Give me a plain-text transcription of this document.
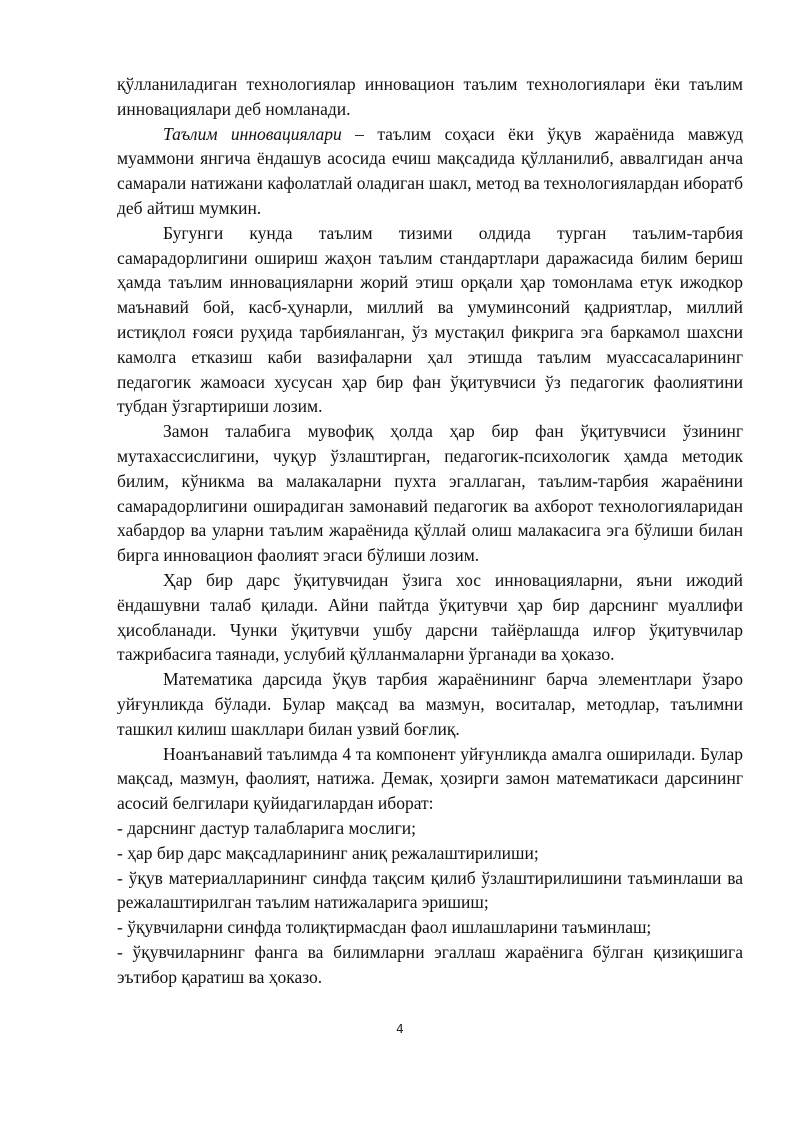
қўлланиладиган технологиялар инновацион таълим технологиялари ёки таълим инновациялари деб номланади.

Таълим инновациялари – таълим соҳаси ёки ўқув жараёнида мавжуд муаммони янгича ёндашув асосида ечиш мақсадида қўлланилиб, аввалгидан анча самарали натижани кафолатлай оладиган шакл, метод ва технологиялардан иборатб деб айтиш мумкин.

Бугунги кунда таълим тизими олдида турган таълим-тарбия самарадорлигини ошириш жаҳон таълим стандартлари даражасида билим бериш ҳамда таълим инновацияларни жорий этиш орқали ҳар томонлама етук ижодкор маънавий бой, касб-ҳунарли, миллий ва умуминсоний қадриятлар, миллий истиқлол ғояси руҳида тарбияланган, ўз мустақил фикрига эга баркамол шахсни камолга етказиш каби вазифаларни ҳал этишда таълим муассасаларининг педагогик жамоаси хусусан ҳар бир фан ўқитувчиси ўз педагогик фаолиятини тубдан ўзгартириши лозим.

Замон талабига мувофиқ ҳолда ҳар бир фан ўқитувчиси ўзининг мутахассислигини, чуқур ўзлаштирган, педагогик-психологик ҳамда методик билим, кўникма ва малакаларни пухта эгаллаган, таълим-тарбия жараёнини самарадорлигини оширадиган замонавий педагогик ва ахборот технологияларидан хабардор ва уларни таълим жараёнида қўллай олиш малакасига эга бўлиши билан бирга инновацион фаолият эгаси бўлиши лозим.

Ҳар бир дарс ўқитувчидан ўзига хос инновацияларни, яъни ижодий ёндашувни талаб қилади. Айни пайтда ўқитувчи ҳар бир дарснинг муаллифи ҳисобланади. Чунки ўқитувчи ушбу дарсни тайёрлашда илғор ўқитувчилар тажрибасига таянади, услубий қўлланмаларни ўрганади ва ҳоказо.

Математика дарсида ўқув тарбия жараёнининг барча элементлари ўзаро уйғунликда бўлади. Булар мақсад ва мазмун, воситалар, методлар, таълимни ташкил килиш шакллари билан узвий боғлиқ.

Ноанъанавий таълимда 4 та компонент уйғунликда амалга оширилади. Булар мақсад, мазмун, фаолият, натижа. Демак, ҳозирги замон математикаси дарсининг асосий белгилари қуйидагилардан иборат:

- дарснинг дастур талабларига мослиги;

- ҳар бир дарс мақсадларининг аниқ режалаштирилиши;

- ўқув материалларининг синфда тақсим қилиб ўзлаштирилишини таъминлаши ва режалаштирилган таълим натижаларига эришиш;

- ўқувчиларни синфда толиқтирмасдан фаол ишлашларини таъминлаш;

- ўқувчиларнинг фанга ва билимларни эгаллаш жараёнига бўлган қизиқишига эътибор қаратиш ва ҳоказо.

4
